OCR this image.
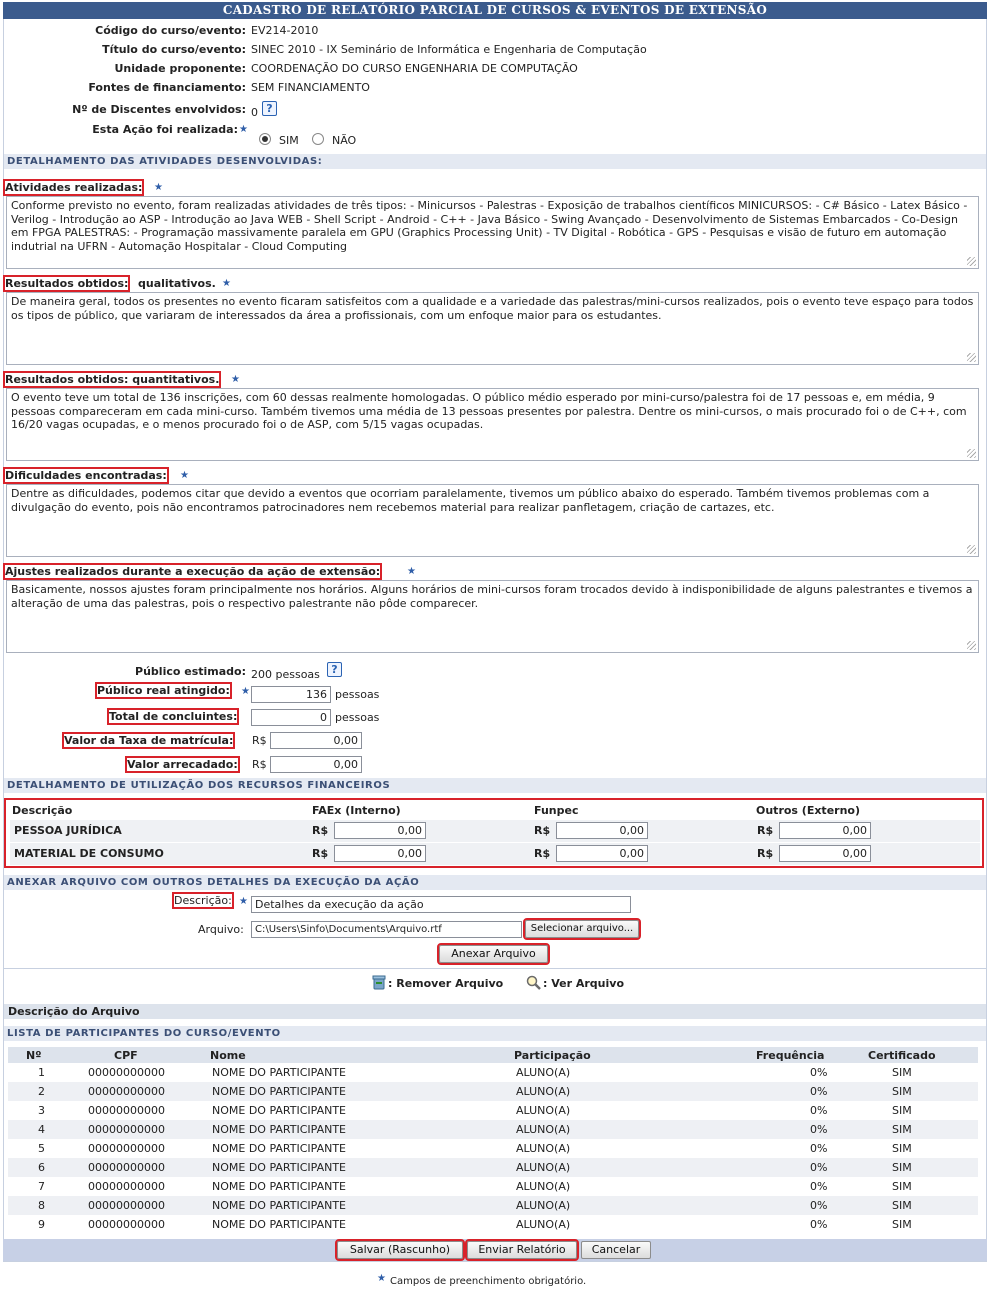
CADASTRO DE RELATÓRIO PARCIAL DE CURSOS & EVENTOS DE EXTENSÃO
Código do curso/evento: EV214-2010
Título do curso/evento: SINEC 2010 - IX Seminário de Informática e Engenharia de Computação
Unidade proponente: COORDENAÇÃO DO CURSO ENGENHARIA DE COMPUTAÇÃO
Fontes de financiamento: SEM FINANCIAMENTO
Nº de Discentes envolvidos: 0 ?
Esta Ação foi realizada: ★
SIM	NÃO
DETALHAMENTO DAS ATIVIDADES DESENVOLVIDAS:
Atividades realizadas: ★
Conforme previsto no evento, foram realizadas atividades de três tipos: - Minicursos - Palestras - Exposição de trabalhos científicos MINICURSOS: - C# Básico - Latex Básico - Verilog - Introdução ao ASP - Introdução ao Java WEB - Shell Script - Android - C++ - Java Básico - Swing Avançado - Desenvolvimento de Sistemas Embarcados - Co-Design em FPGA PALESTRAS: - Programação massivamente paralela em GPU (Graphics Processing Unit) - TV Digital - Robótica - GPS - Pesquisas e visão de futuro em automação indutrial na UFRN - Automação Hospitalar - Cloud Computing
Resultados obtidos: qualitativos. ★
De maneira geral, todos os presentes no evento ficaram satisfeitos com a qualidade e a variedade das palestras/mini-cursos realizados, pois o evento teve espaço para todos os tipos de público, que variaram de interessados da área a profissionais, com um enfoque maior para os estudantes.
Resultados obtidos: quantitativos. ★
O evento teve um total de 136 inscrições, com 60 dessas realmente homologadas. O público médio esperado por mini-curso/palestra foi de 17 pessoas e, em média, 9 pessoas compareceram em cada mini-curso. Também tivemos uma média de 13 pessoas presentes por palestra. Dentre os mini-cursos, o mais procurado foi o de C++, com 16/20 vagas ocupadas, e o menos procurado foi o de ASP, com 5/15 vagas ocupadas.
Dificuldades encontradas: ★
Dentre as dificuldades, podemos citar que devido a eventos que ocorriam paralelamente, tivemos um público abaixo do esperado. Também tivemos problemas com a divulgação do evento, pois não encontramos patrocinadores nem recebemos material para realizar panfletagem, criação de cartazes, etc.
Ajustes realizados durante a execução da ação de extensão:	★
Basicamente, nossos ajustes foram principalmente nos horários. Alguns horários de mini-cursos foram trocados devido à indisponibilidade de alguns palestrantes e tivemos a alteração de uma das palestras, pois o respectivo palestrante não pôde comparecer.
Público estimado: 200 pessoas	?
Público real atingido: ★	136 pessoas
Total de concluintes:	0 pessoas
Valor da Taxa de matrícula: R$	0,00
Valor arrecadado: R$	0,00
DETALHAMENTO DE UTILIZAÇÃO DOS RECURSOS FINANCEIROS
Descrição	FAEx (Interno)	Funpec	Outros (Externo)
PESSOA JURÍDICA	R$	0,00	R$	0,00	R$	0,00
MATERIAL DE CONSUMO	R$	0,00	R$	0,00	R$	0,00
ANEXAR ARQUIVO COM OUTROS DETALHES DA EXECUÇÃO DA AÇÃO
Descrição: ★ Detalhes da execução da ação
Arquivo:	C:\Users\Sinfo\Documents\Arquivo.rtf	Selecionar arquivo...
Anexar Arquivo
: Remover Arquivo	: Ver Arquivo
Descrição do Arquivo
LISTA DE PARTICIPANTES DO CURSO/EVENTO
Nº	CPF	Nome	Participação	Frequência	Certificado
1	00000000000	NOME DO PARTICIPANTE	ALUNO(A)	0%	SIM
2	00000000000	NOME DO PARTICIPANTE	ALUNO(A)	0%	SIM
3	00000000000	NOME DO PARTICIPANTE	ALUNO(A)	0%	SIM
4	00000000000	NOME DO PARTICIPANTE	ALUNO(A)	0%	SIM
5	00000000000	NOME DO PARTICIPANTE	ALUNO(A)	0%	SIM
6	00000000000	NOME DO PARTICIPANTE	ALUNO(A)	0%	SIM
7	00000000000	NOME DO PARTICIPANTE	ALUNO(A)	0%	SIM
8	00000000000	NOME DO PARTICIPANTE	ALUNO(A)	0%	SIM
9	00000000000	NOME DO PARTICIPANTE	ALUNO(A)	0%	SIM
Salvar (Rascunho)	Enviar Relatório	Cancelar
★ Campos de preenchimento obrigatório.
